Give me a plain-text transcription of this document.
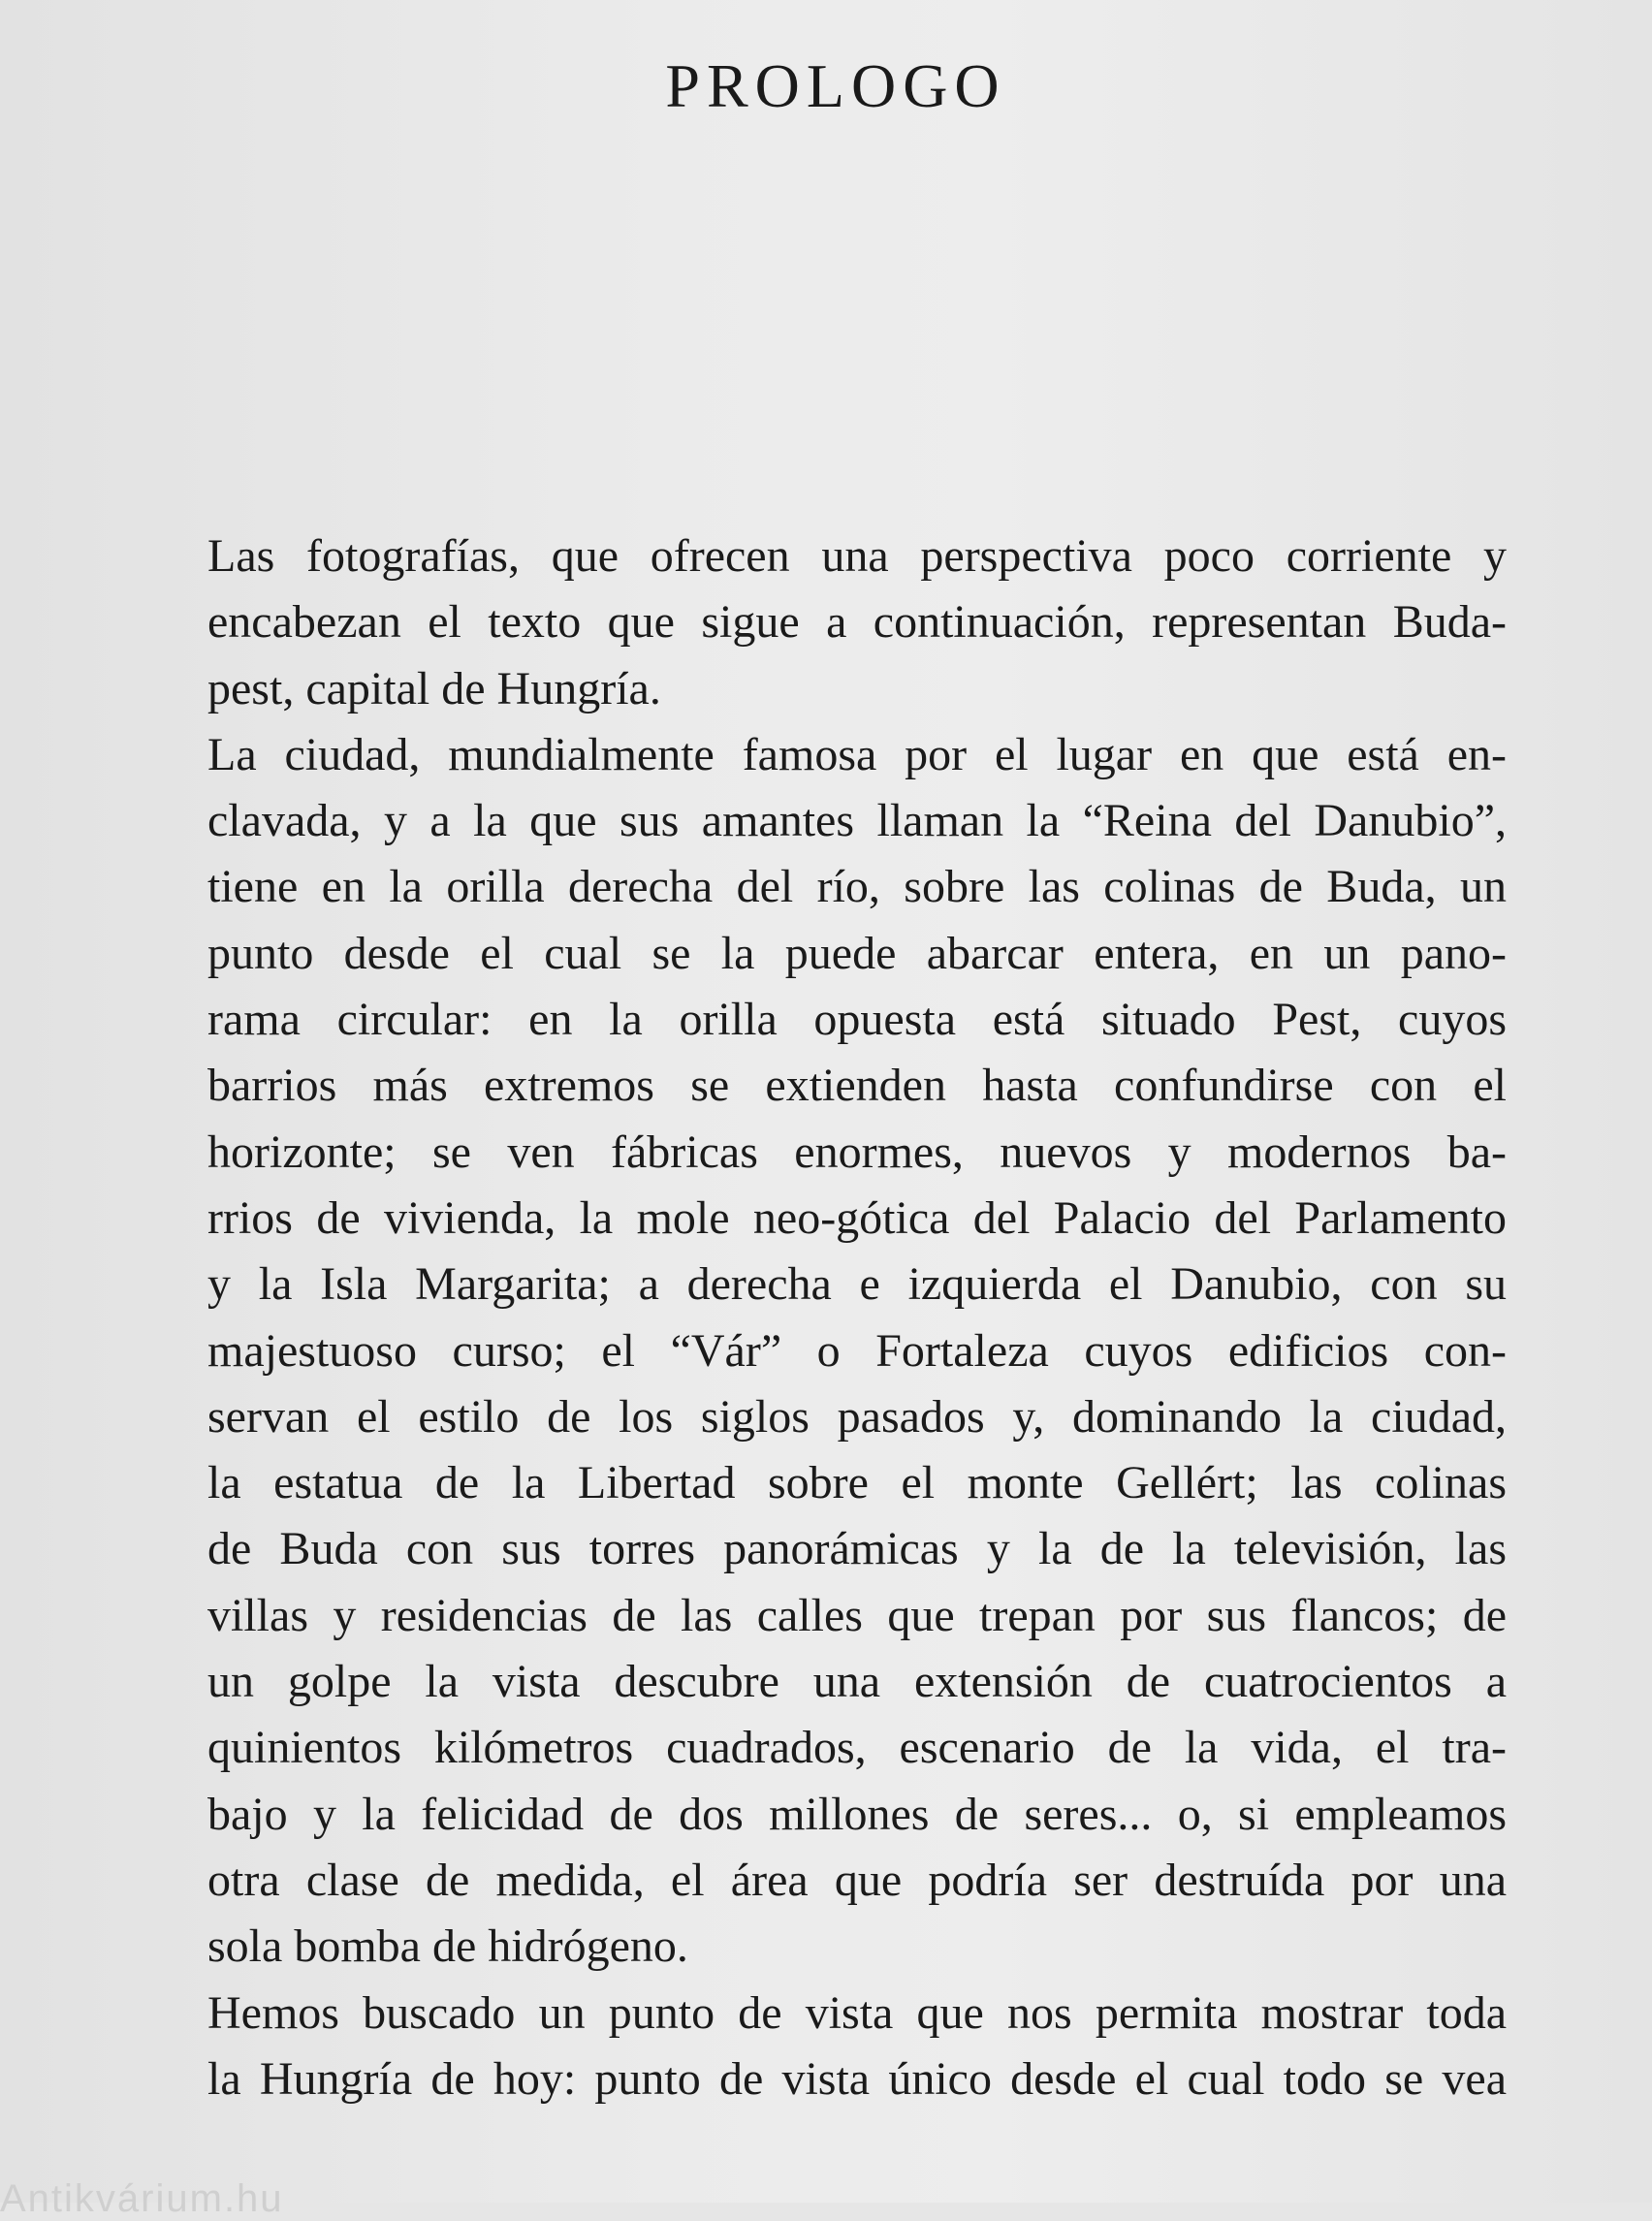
PROLOGO

Las fotografías, que ofrecen una perspectiva poco corriente y
encabezan el texto que sigue a continuación, representan Buda-
pest, capital de Hungría.

La ciudad, mundialmente famosa por el lugar en que está en-
clavada, y a la que sus amantes llaman la “Reina del Danubio”,
tiene en la orilla derecha del río, sobre las colinas de Buda, un
punto desde el cual se la puede abarcar entera, en un pano-
rama circular: en la orilla opuesta está situado Pest, cuyos
barrios más extremos se extienden hasta confundirse con el
horizonte; se ven fábricas enormes, nuevos y modernos ba-
rrios de vivienda, la mole neo-gótica del Palacio del Parlamento
y la Isla Margarita; a derecha e izquierda el Danubio, con su
majestuoso curso; el “Vár” o Fortaleza cuyos edificios con-
servan el estilo de los siglos pasados y, dominando la ciudad,
la estatua de la Libertad sobre el monte Gellért; las colinas
de Buda con sus torres panorámicas y la de la televisión, las
villas y residencias de las calles que trepan por sus flancos; de
un golpe la vista descubre una extensión de cuatrocientos a
quinientos kilómetros cuadrados, escenario de la vida, el tra-
bajo y la felicidad de dos millones de seres... o, si empleamos
otra clase de medida, el área que podría ser destruída por una
sola bomba de hidrógeno.

Hemos buscado un punto de vista que nos permita mostrar toda
la Hungría de hoy: punto de vista único desde el cual todo se vea

Antikvárium.hu
